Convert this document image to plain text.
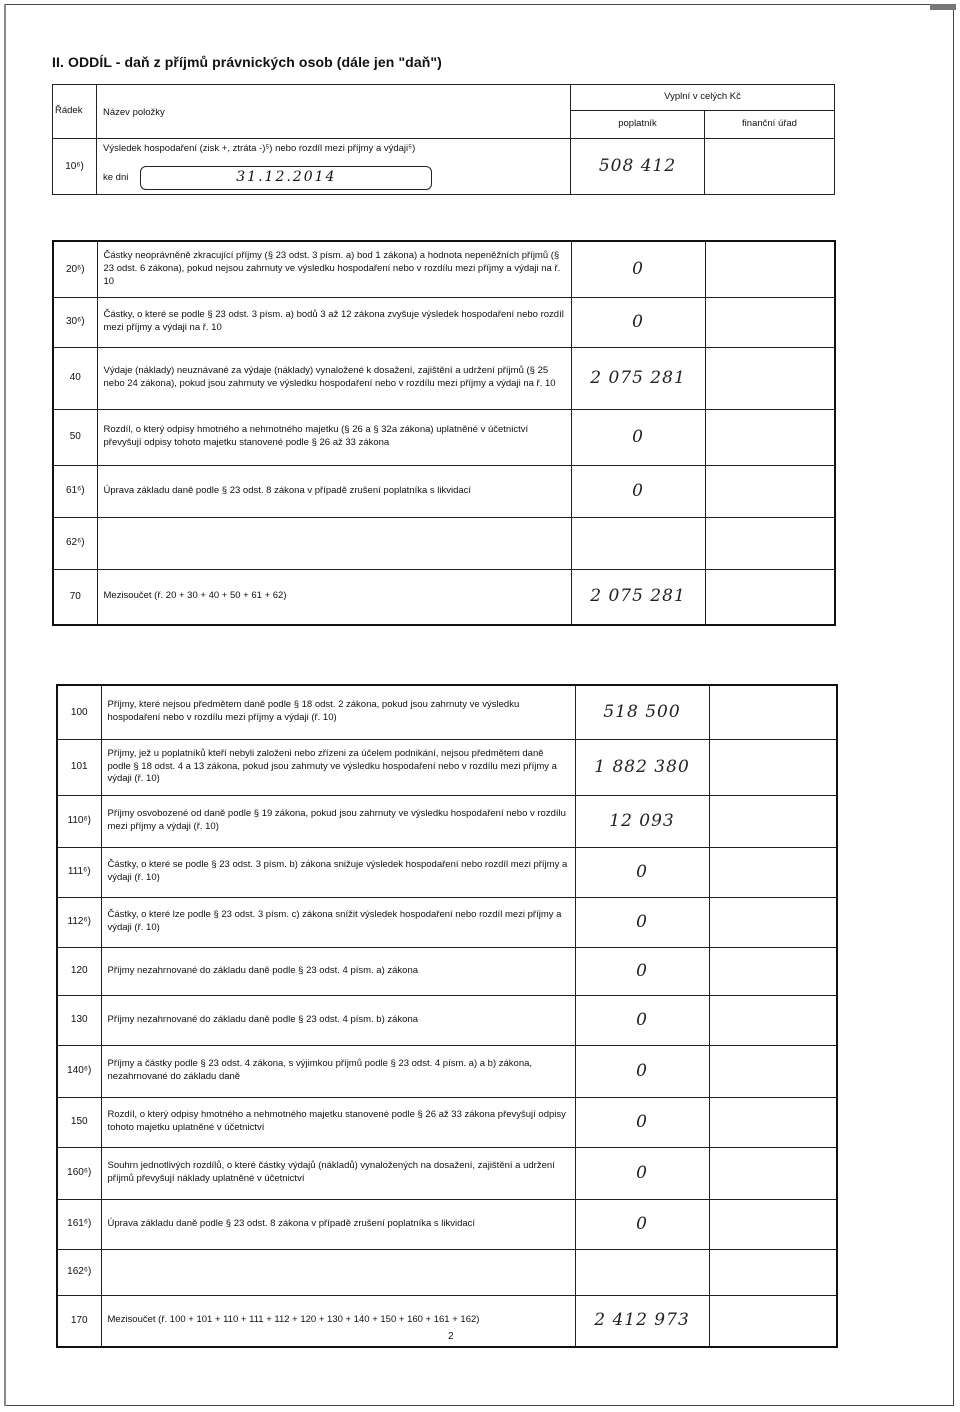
II. ODDÍL - daň z příjmů právnických osob (dále jen "daň")
Řádek	Název položky	Vyplní v celých Kč	
		poplatník	finanční úřad
10⁶)	Výsledek hospodaření (zisk +, ztráta -)⁵) nebo rozdíl mezi příjmy a výdaji⁵)
ke dni 31.12.2014	508 412	
20⁶)	Částky neoprávněně zkracující příjmy (§ 23 odst. 3 písm. a) bod 1 zákona) a hodnota nepeněžních příjmů (§ 23 odst. 6 zákona), pokud nejsou zahrnuty ve výsledku hospodaření nebo v rozdílu mezi příjmy a výdaji na ř. 10	0	
30⁶)	Částky, o které se podle § 23 odst. 3 písm. a) bodů 3 až 12 zákona zvyšuje výsledek hospodaření nebo rozdíl mezi příjmy a výdaji na ř. 10	0	
40	Výdaje (náklady) neuznávané za výdaje (náklady) vynaložené k dosažení, zajištění a udržení příjmů (§ 25 nebo 24 zákona), pokud jsou zahrnuty ve výsledku hospodaření nebo v rozdílu mezi příjmy a výdaji na ř. 10	2 075 281	
50	Rozdíl, o který odpisy hmotného a nehmotného majetku (§ 26 a § 32a zákona) uplatněné v účetnictví převyšují odpisy tohoto majetku stanovené podle § 26 až 33 zákona	0	
61⁶)	Úprava základu daně podle § 23 odst. 8 zákona v případě zrušení poplatníka s likvidací	0	
62⁶)			
70	Mezisoučet (ř. 20 + 30 + 40 + 50 + 61 + 62)	2 075 281	
100	Příjmy, které nejsou předmětem daně podle § 18 odst. 2 zákona, pokud jsou zahrnuty ve výsledku hospodaření nebo v rozdílu mezi příjmy a výdaji (ř. 10)	518 500	
101	Příjmy, jež u poplatníků kteří nebyli založeni nebo zřízeni za účelem podnikání, nejsou předmětem daně podle § 18 odst. 4 a 13 zákona, pokud jsou zahrnuty ve výsledku hospodaření nebo v rozdílu mezi příjmy a výdaji (ř. 10)	1 882 380	
110⁶)	Příjmy osvobozené od daně podle § 19 zákona, pokud jsou zahrnuty ve výsledku hospodaření nebo v rozdílu mezi příjmy a výdaji (ř. 10)	12 093	
111⁶)	Částky, o které se podle § 23 odst. 3 písm. b) zákona snižuje výsledek hospodaření nebo rozdíl mezi příjmy a výdaji (ř. 10)	0	
112⁶)	Částky, o které lze podle § 23 odst. 3 písm. c) zákona snížit výsledek hospodaření nebo rozdíl mezi příjmy a výdaji (ř. 10)	0	
120	Příjmy nezahrnované do základu daně podle § 23 odst. 4 písm. a) zákona	0	
130	Příjmy nezahrnované do základu daně podle § 23 odst. 4 písm. b) zákona	0	
140⁶)	Příjmy a částky podle § 23 odst. 4 zákona, s výjimkou příjmů podle § 23 odst. 4 písm. a) a b) zákona, nezahrnované do základu daně	0	
150	Rozdíl, o který odpisy hmotného a nehmotného majetku stanovené podle § 26 až 33 zákona převyšují odpisy tohoto majetku uplatněné v účetnictví	0	
160⁶)	Souhrn jednotlivých rozdílů, o které částky výdajů (nákladů) vynaložených na dosažení, zajištění a udržení příjmů převyšují náklady uplatněné v účetnictví	0	
161⁶)	Úprava základu daně podle § 23 odst. 8 zákona v případě zrušení poplatníka s likvidací	0	
162⁶)			
170	Mezisoučet (ř. 100 + 101 + 110 + 111 + 112 + 120 + 130 + 140 + 150 + 160 + 161 + 162)	2 412 973	
2
